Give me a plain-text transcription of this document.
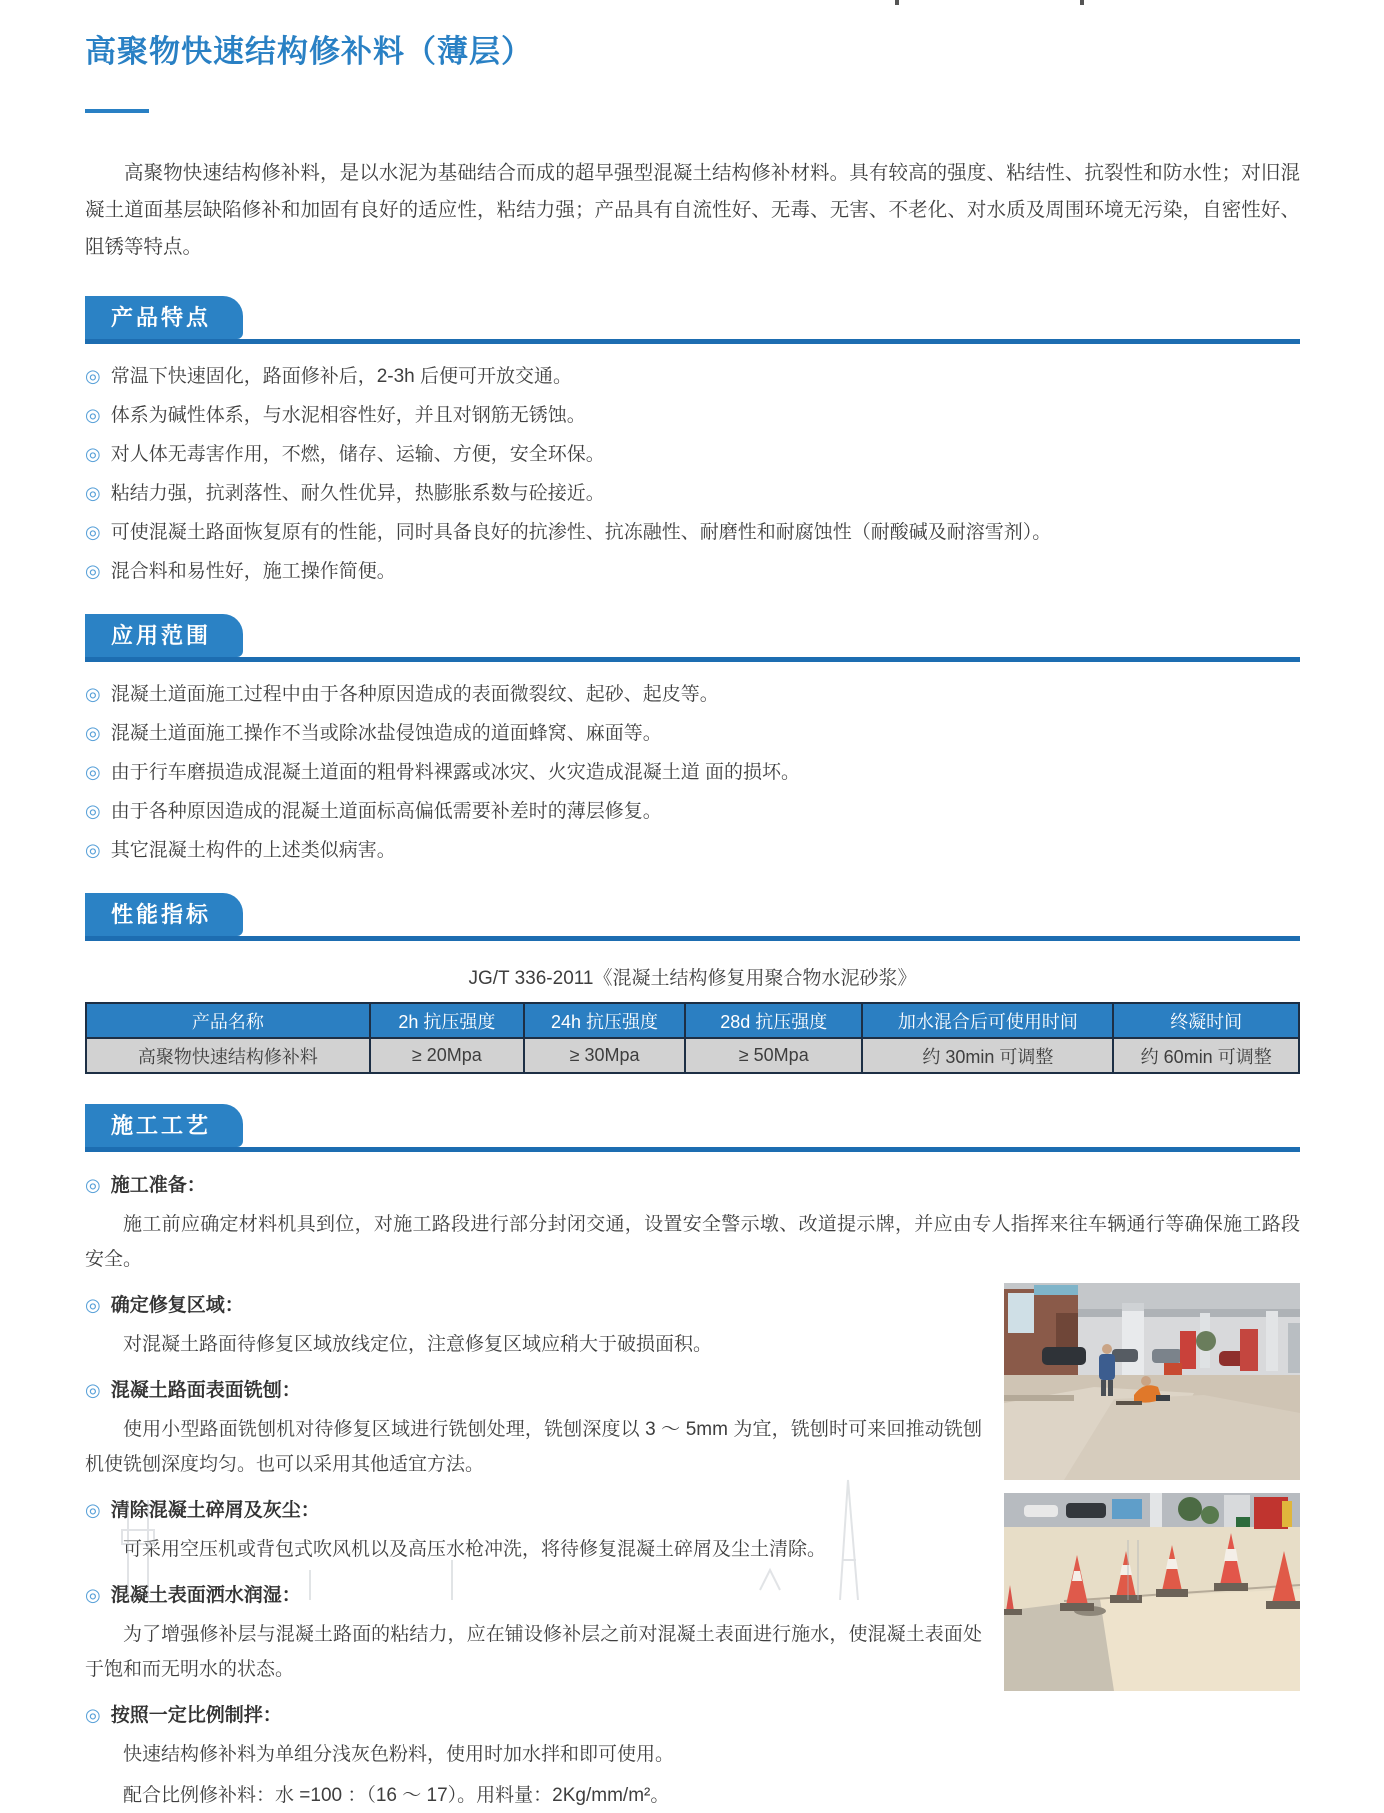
高聚物快速结构修补料（薄层）

高聚物快速结构修补料，是以水泥为基础结合而成的超早强型混凝土结构修补材料。具有较高的强度、粘结性、抗裂性和防水性；对旧混凝土道面基层缺陷修补和加固有良好的适应性，粘结力强；产品具有自流性好、无毒、无害、不老化、对水质及周围环境无污染，自密性好、阻锈等特点。

产品特点
◎ 常温下快速固化，路面修补后，2-3h 后便可开放交通。
◎ 体系为碱性体系，与水泥相容性好，并且对钢筋无锈蚀。
◎ 对人体无毒害作用，不燃，储存、运输、方便，安全环保。
◎ 粘结力强，抗剥落性、耐久性优异，热膨胀系数与砼接近。
◎ 可使混凝土路面恢复原有的性能，同时具备良好的抗渗性、抗冻融性、耐磨性和耐腐蚀性（耐酸碱及耐溶雪剂）。
◎ 混合料和易性好，施工操作简便。
应用范围
◎ 混凝土道面施工过程中由于各种原因造成的表面微裂纹、起砂、起皮等。
◎ 混凝土道面施工操作不当或除冰盐侵蚀造成的道面蜂窝、麻面等。
◎ 由于行车磨损造成混凝土道面的粗骨料裸露或冰灾、火灾造成混凝土道 面的损坏。
◎ 由于各种原因造成的混凝土道面标高偏低需要补差时的薄层修复。
◎ 其它混凝土构件的上述类似病害。
性能指标
JG/T 336-2011《混凝土结构修复用聚合物水泥砂浆》
产品名称	2h 抗压强度	24h 抗压强度	28d 抗压强度	加水混合后可使用时间	终凝时间
高聚物快速结构修补料	≥ 20Mpa	≥ 30Mpa	≥ 50Mpa	约 30min 可调整	约 60min 可调整
施工工艺
◎ 施工准备：

施工前应确定材料机具到位，对施工路段进行部分封闭交通，设置安全警示墩、改道提示牌，并应由专人指挥来往车辆通行等确保施工路段安全。

◎ 确定修复区域：

对混凝土路面待修复区域放线定位，注意修复区域应稍大于破损面积。

◎ 混凝土路面表面铣刨：

使用小型路面铣刨机对待修复区域进行铣刨处理，铣刨深度以 3 ～ 5mm 为宜，铣刨时可来回推动铣刨机使铣刨深度均匀。也可以采用其他适宜方法。

◎ 清除混凝土碎屑及灰尘：

可采用空压机或背包式吹风机以及高压水枪冲洗，将待修复混凝土碎屑及尘土清除。

◎ 混凝土表面洒水润湿：

为了增强修补层与混凝土路面的粘结力，应在铺设修补层之前对混凝土表面进行施水，使混凝土表面处于饱和而无明水的状态。

◎ 按照一定比例制拌：

快速结构修补料为单组分浅灰色粉料，使用时加水拌和即可使用。

配合比例修补料：水 =100 ：（16 ～ 17）。用料量：2Kg/mm/m²。
